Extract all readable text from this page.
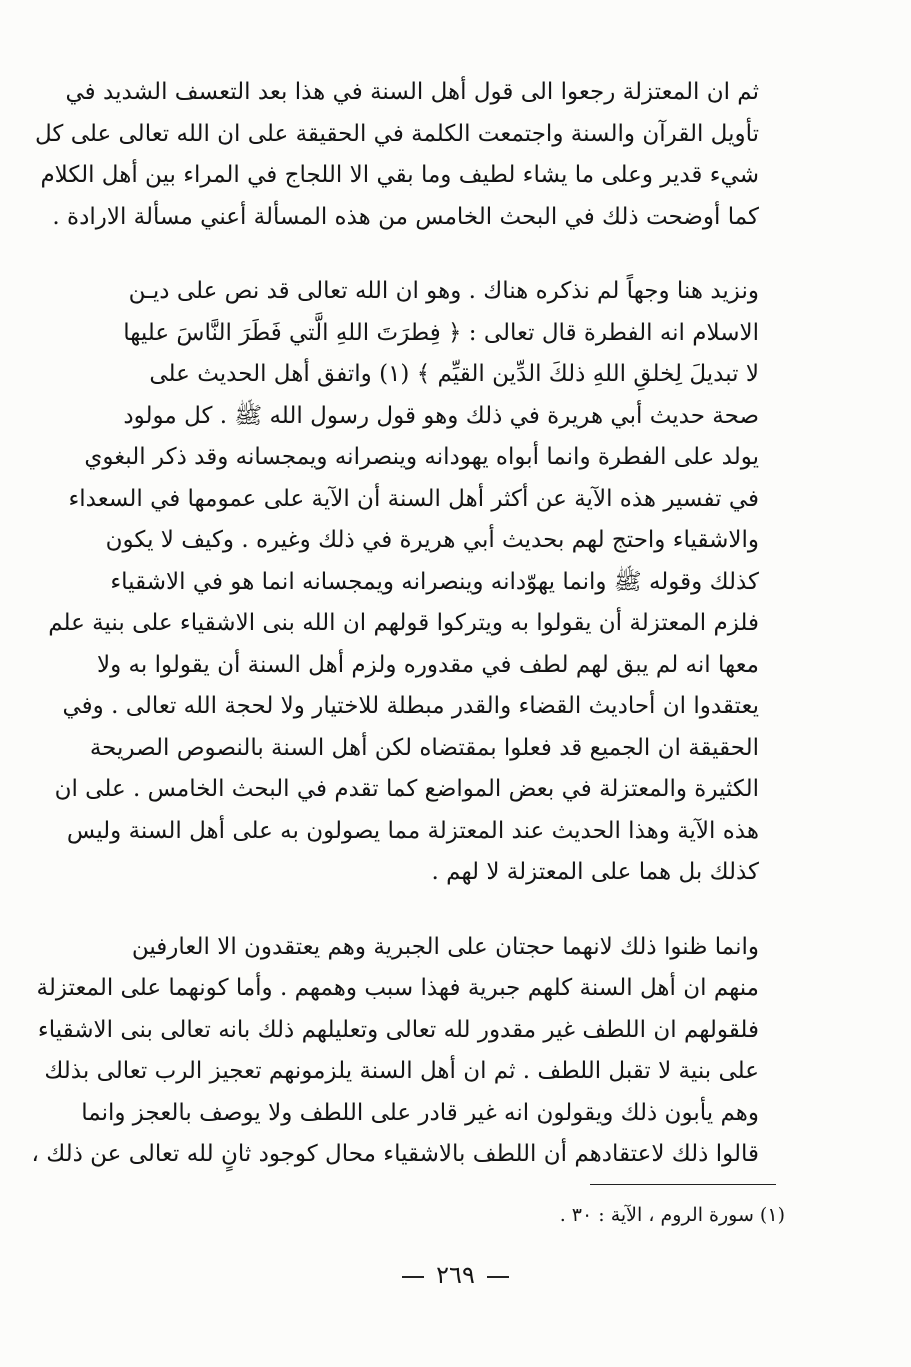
ثم ان المعتزلة رجعوا الى قول أهل السنة في هذا بعد التعسف الشديد في
تأويل القرآن والسنة واجتمعت الكلمة في الحقيقة على ان الله تعالى على كل
شيء قدير وعلى ما يشاء لطيف وما بقي الا اللجاج في المراء بين أهل الكلام
كما أوضحت ذلك في البحث الخامس من هذه المسألة أعني مسألة الارادة .

ونزيد هنا وجهاً لم نذكره هناك . وهو ان الله تعالى قد نص على ديـن
الاسلام انه الفطرة قال تعالى : ﴿ فِطرَتَ اللهِ الَّتي فَطَرَ النَّاسَ عليها
لا تبديلَ لِخلقِ اللهِ ذلكَ الدِّين القيِّم ﴾ (١) واتفق أهل الحديث على
صحة حديث أبي هريرة في ذلك وهو قول رسول الله ﷺ . كل مولود
يولد على الفطرة وانما أبواه يهودانه وينصرانه ويمجسانه وقد ذكر البغوي
في تفسير هذه الآية عن أكثر أهل السنة أن الآية على عمومها في السعداء
والاشقياء واحتج لهم بحديث أبي هريرة في ذلك وغيره . وكيف لا يكون
كذلك وقوله ﷺ وانما يهوّدانه وينصرانه ويمجسانه انما هو في الاشقياء
فلزم المعتزلة أن يقولوا به ويتركوا قولهم ان الله بنى الاشقياء على بنية علم
معها انه لم يبق لهم لطف في مقدوره ولزم أهل السنة أن يقولوا به ولا
يعتقدوا ان أحاديث القضاء والقدر مبطلة للاختيار ولا لحجة الله تعالى . وفي
الحقيقة ان الجميع قد فعلوا بمقتضاه لكن أهل السنة بالنصوص الصريحة
الكثيرة والمعتزلة في بعض المواضع كما تقدم في البحث الخامس . على ان
هذه الآية وهذا الحديث عند المعتزلة مما يصولون به على أهل السنة وليس
كذلك بل هما على المعتزلة لا لهم .

وانما ظنوا ذلك لانهما حجتان على الجبرية وهم يعتقدون الا العارفين
منهم ان أهل السنة كلهم جبرية فهذا سبب وهمهم . وأما كونهما على المعتزلة
فلقولهم ان اللطف غير مقدور لله تعالى وتعليلهم ذلك بانه تعالى بنى الاشقياء
على بنية لا تقبل اللطف . ثم ان أهل السنة يلزمونهم تعجيز الرب تعالى بذلك
وهم يأبون ذلك ويقولون انه غير قادر على اللطف ولا يوصف بالعجز وانما
قالوا ذلك لاعتقادهم أن اللطف بالاشقياء محال كوجود ثانٍ لله تعالى عن ذلك ،

(١) سورة الروم ، الآية : ٣٠ .
٢٦٩
